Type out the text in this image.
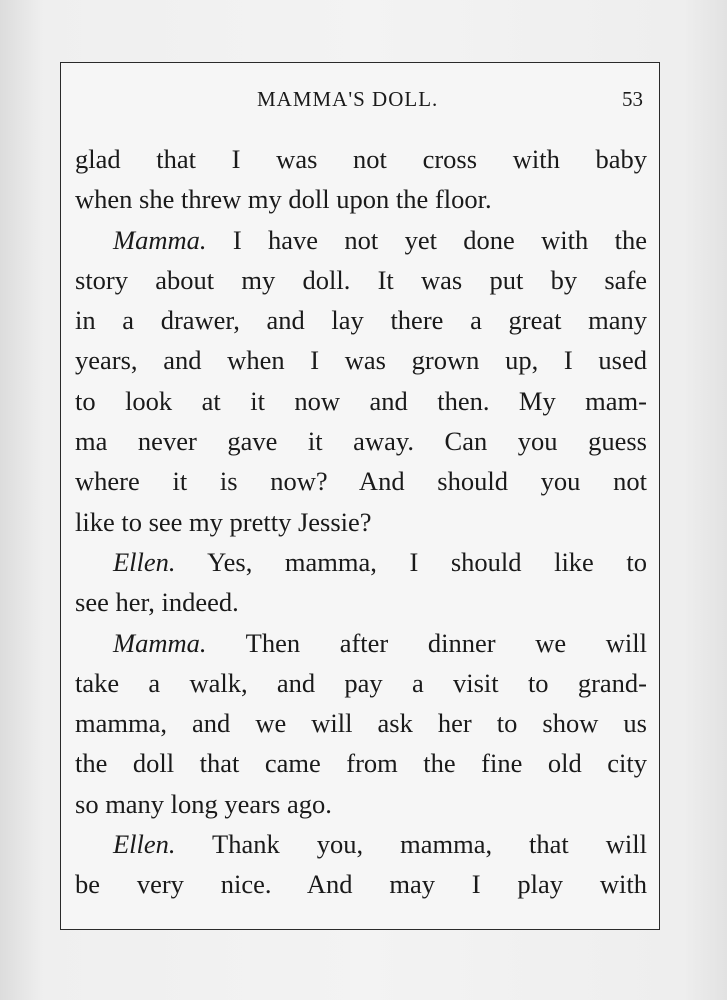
MAMMA'S DOLL.	53
glad that I was not cross with baby
when she threw my doll upon the floor.
Mamma. I have not yet done with the
story about my doll. It was put by safe
in a drawer, and lay there a great many
years, and when I was grown up, I used
to look at it now and then. My mam-
ma never gave it away. Can you guess
where it is now? And should you not
like to see my pretty Jessie?
Ellen. Yes, mamma, I should like to
see her, indeed.
Mamma. Then after dinner we will
take a walk, and pay a visit to grand-
mamma, and we will ask her to show us
the doll that came from the fine old city
so many long years ago.
Ellen. Thank you, mamma, that will
be very nice. And may I play with
